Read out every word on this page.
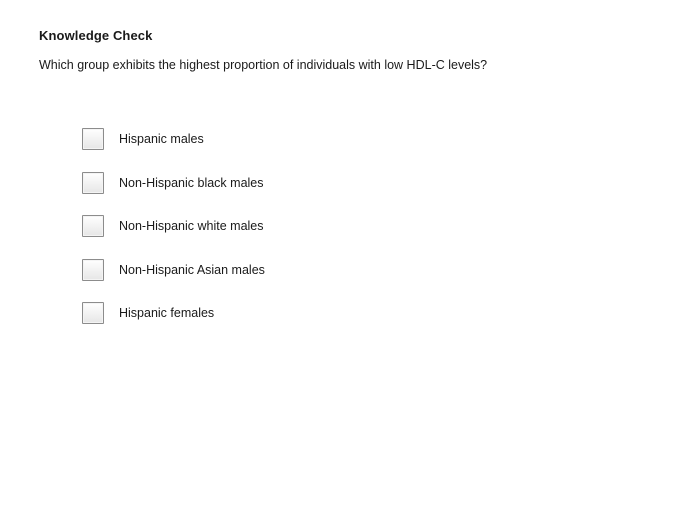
Knowledge Check
Which group exhibits the highest proportion of individuals with low HDL-C levels?
Hispanic males
Non-Hispanic black males
Non-Hispanic white males
Non-Hispanic Asian males
Hispanic females
